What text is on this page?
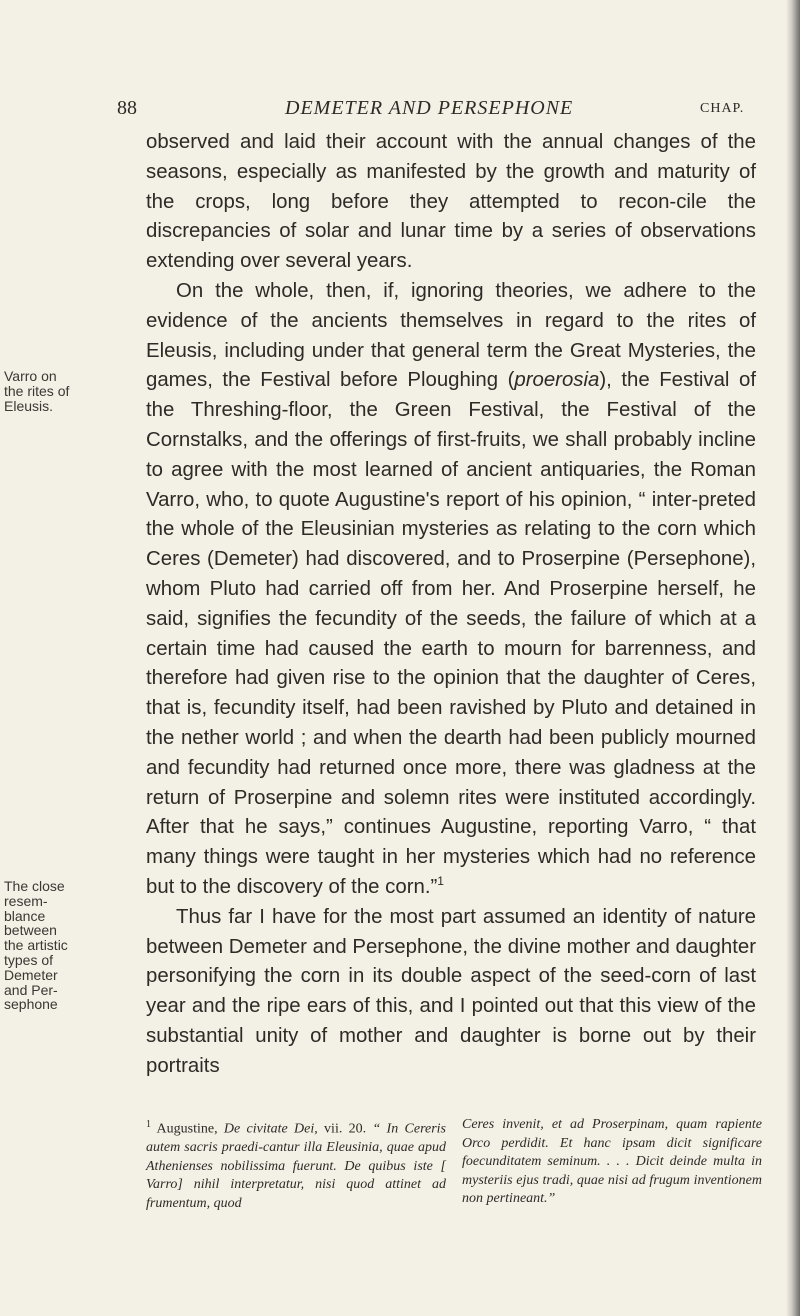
88	DEMETER AND PERSEPHONE	CHAP.
Varro on
the rites of
Eleusis.
The close
resem-
blance
between
the artistic
types of
Demeter
and Per-
sephone

observed and laid their account with the annual changes of the seasons, especially as manifested by the growth and maturity of the crops, long before they attempted to recon-cile the discrepancies of solar and lunar time by a series of observations extending over several years.

On the whole, then, if, ignoring theories, we adhere to the evidence of the ancients themselves in regard to the rites of Eleusis, including under that general term the Great Mysteries, the games, the Festival before Ploughing (proerosia), the Festival of the Threshing-floor, the Green Festival, the Festival of the Cornstalks, and the offerings of first-fruits, we shall probably incline to agree with the most learned of ancient antiquaries, the Roman Varro, who, to quote Augustine's report of his opinion, “ inter-preted the whole of the Eleusinian mysteries as relating to the corn which Ceres (Demeter) had discovered, and to Proserpine (Persephone), whom Pluto had carried off from her. And Proserpine herself, he said, signifies the fecundity of the seeds, the failure of which at a certain time had caused the earth to mourn for barrenness, and therefore had given rise to the opinion that the daughter of Ceres, that is, fecundity itself, had been ravished by Pluto and detained in the nether world ; and when the dearth had been publicly mourned and fecundity had returned once more, there was gladness at the return of Proserpine and solemn rites were instituted accordingly. After that he says,” continues Augustine, reporting Varro, “ that many things were taught in her mysteries which had no reference but to the discovery of the corn.”$^1$

Thus far I have for the most part assumed an identity of nature between Demeter and Persephone, the divine mother and daughter personifying the corn in its double aspect of the seed-corn of last year and the ripe ears of this, and I pointed out that this view of the substantial unity of mother and daughter is borne out by their portraits

$^1$ Augustine, De civitate Dei, vii. 20. “ In Cereris autem sacris praedi-cantur illa Eleusinia, quae apud Athenienses nobilissima fuerunt. De quibus iste [ Varro] nihil interpretatur, nisi quod attinet ad frumentum, quod
Ceres invenit, et ad Proserpinam, quam rapiente Orco perdidit. Et hanc ipsam dicit significare foecunditatem seminum. . . . Dicit deinde multa in mysteriis ejus tradi, quae nisi ad frugum inventionem non pertineant.”
